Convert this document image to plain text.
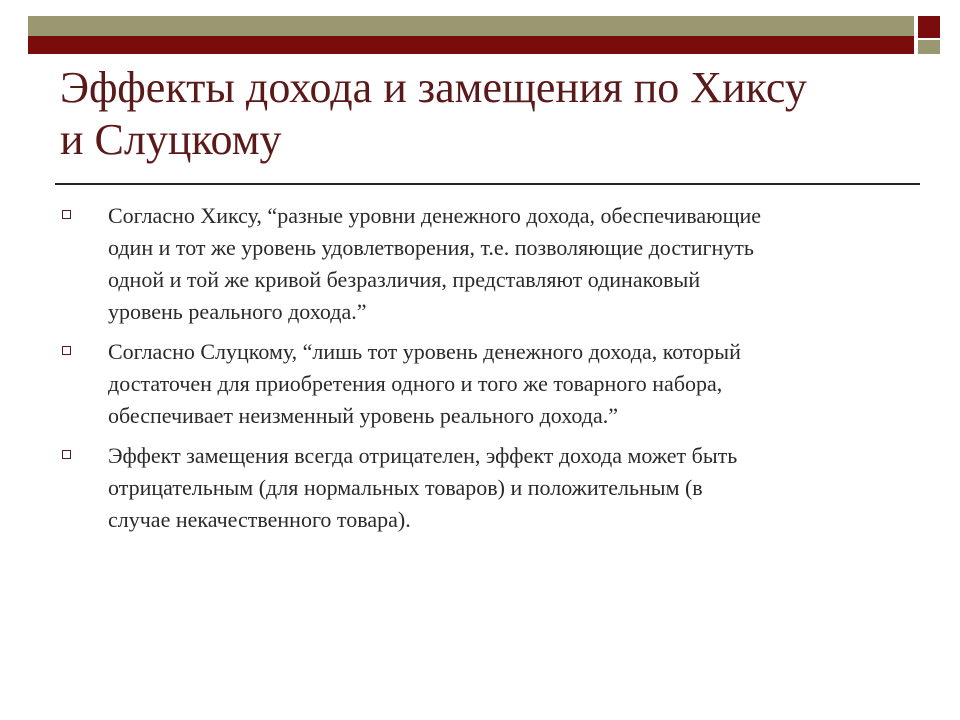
Эффекты дохода и замещения по Хиксу
и Слуцкому
Согласно Хиксу, “разные уровни денежного дохода, обеспечивающие
один и тот же уровень удовлетворения, т.е. позволяющие достигнуть
одной и той же кривой безразличия, представляют одинаковый
уровень реального дохода.”
Согласно Слуцкому, “лишь тот уровень денежного дохода, который
достаточен для приобретения одного и того же товарного набора,
обеспечивает неизменный уровень реального дохода.”
Эффект замещения всегда отрицателен, эффект дохода может быть
отрицательным (для нормальных товаров) и положительным (в
случае некачественного товара).
